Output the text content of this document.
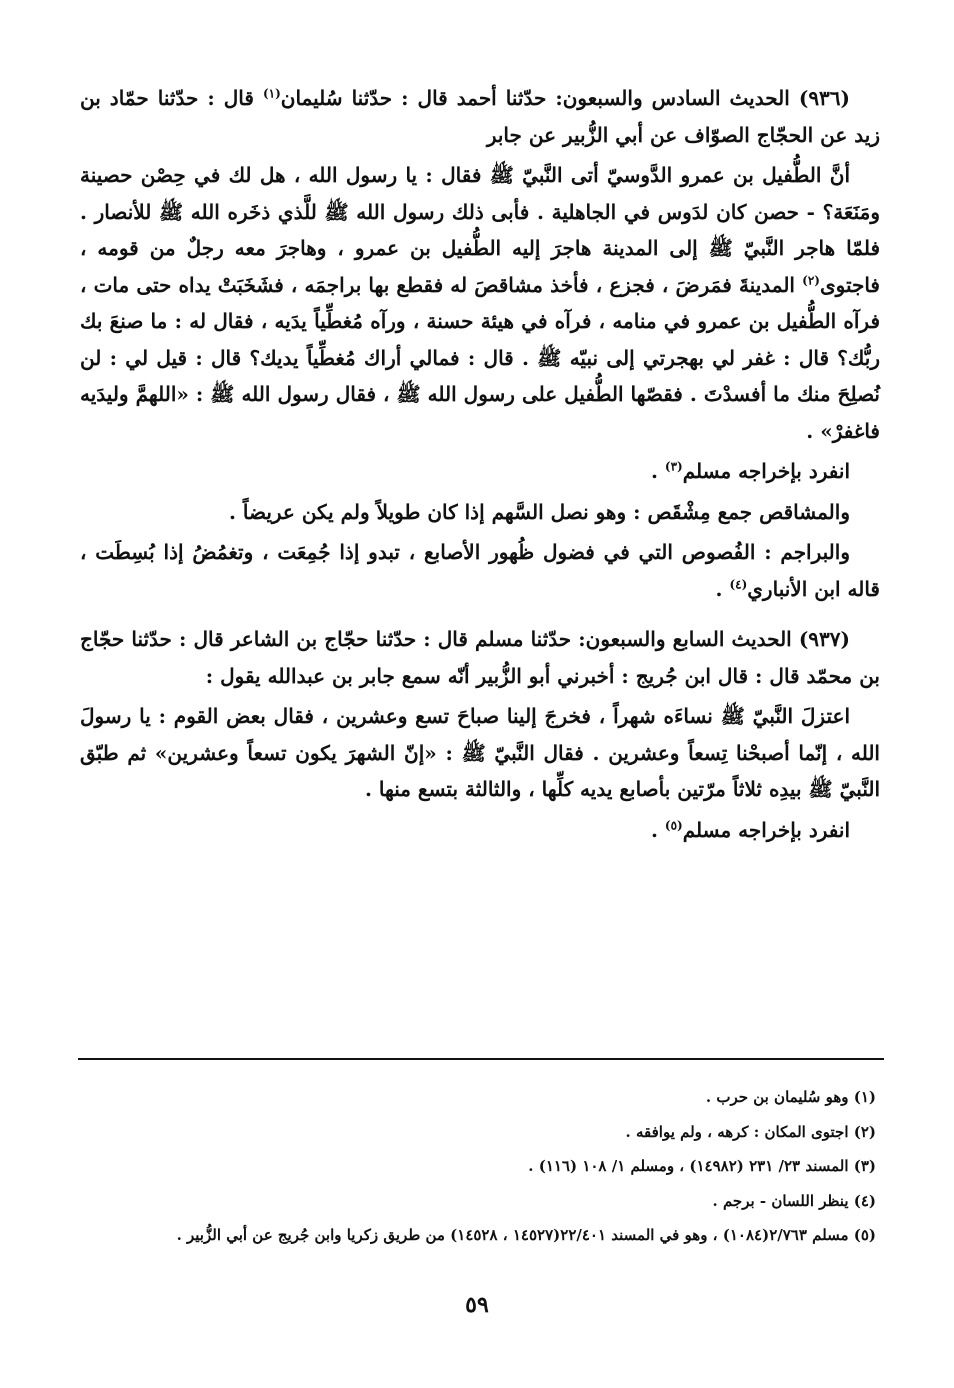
(٩٣٦) الحديث السادس والسبعون: حدّثنا أحمد قال : حدّثنا سُليمان$^{(١)}$ قال : حدّثنا حمّاد بن زيد عن الحجّاج الصوّاف عن أبي الزُّبير عن جابر

أنَّ الطُّفيل بن عمرو الدَّوسيّ أتى النَّبيّ ﷺ فقال : يا رسول الله ، هل لك في حِصْن حصينة ومَنَعَة؟ - حصن كان لدَوس في الجاهلية . فأبى ذلك رسول الله ﷺ للَّذي ذخَره الله ﷺ للأنصار . فلمّا هاجر النَّبيّ ﷺ إلى المدينة هاجرَ إليه الطُّفيل بن عمرو ، وهاجرَ معه رجلٌ من قومه ، فاجتوى$^{(٢)}$ المدينةَ فمَرضَ ، فجزع ، فأخذ مشاقصَ له فقطع بها براجمَه ، فشَخَبَتْ يداه حتى مات ، فرآه الطُّفيل بن عمرو في منامه ، فرآه في هيئة حسنة ، ورآه مُغطِّياً يدَيه ، فقال له : ما صنعَ بك ربُّك؟ قال : غفر لي بهجرتي إلى نبيّه ﷺ . قال : فمالي أراك مُغطِّياً يديك؟ قال : قيل لي : لن نُصلِحَ منك ما أفسدْتَ . فقصّها الطُّفيل على رسول الله ﷺ ، فقال رسول الله ﷺ : «اللهمَّ وليدَيه فاغفرْ» .

انفرد بإخراجه مسلم$^{(٣)}$ .

والمشاقص جمع مِشْقَص : وهو نصل السَّهم إذا كان طويلاً ولم يكن عريضاً .

والبراجم : الفُصوص التي في فضول ظُهور الأصابع ، تبدو إذا جُمِعَت ، وتغمُضُ إذا بُسِطَت ، قاله ابن الأنباري$^{(٤)}$ .

(٩٣٧) الحديث السابع والسبعون: حدّثنا مسلم قال : حدّثنا حجّاج بن الشاعر قال : حدّثنا حجّاج بن محمّد قال : قال ابن جُريج : أخبرني أبو الزُّبير أنّه سمع جابر بن عبدالله يقول :

اعتزلَ النَّبيّ ﷺ نساءَه شهراً ، فخرجَ إلينا صباحَ تسع وعشرين ، فقال بعض القوم : يا رسولَ الله ، إنّما أصبحْنا تِسعاً وعشرين . فقال النَّبيّ ﷺ : «إنّ الشهرَ يكون تسعاً وعشرين» ثم طبّق النَّبيّ ﷺ بيدِه ثلاثاً مرّتين بأصابع يديه كلِّها ، والثالثة بتسع منها .

انفرد بإخراجه مسلم$^{(٥)}$ .

(١) وهو سُليمان بن حرب .

(٢) اجتوى المكان : كرهه ، ولم يوافقه .

(٣) المسند ٢٣/ ٢٣١ (١٤٩٨٢) ، ومسلم ١/ ١٠٨ (١١٦) .

(٤) ينظر اللسان - برجم .

(٥) مسلم ٢/٧٦٣(١٠٨٤) ، وهو في المسند ٢٢/٤٠١(١٤٥٢٧ ، ١٤٥٢٨) من طريق زكريا وابن جُريج عن أبي الزُّبير .

٥٩
